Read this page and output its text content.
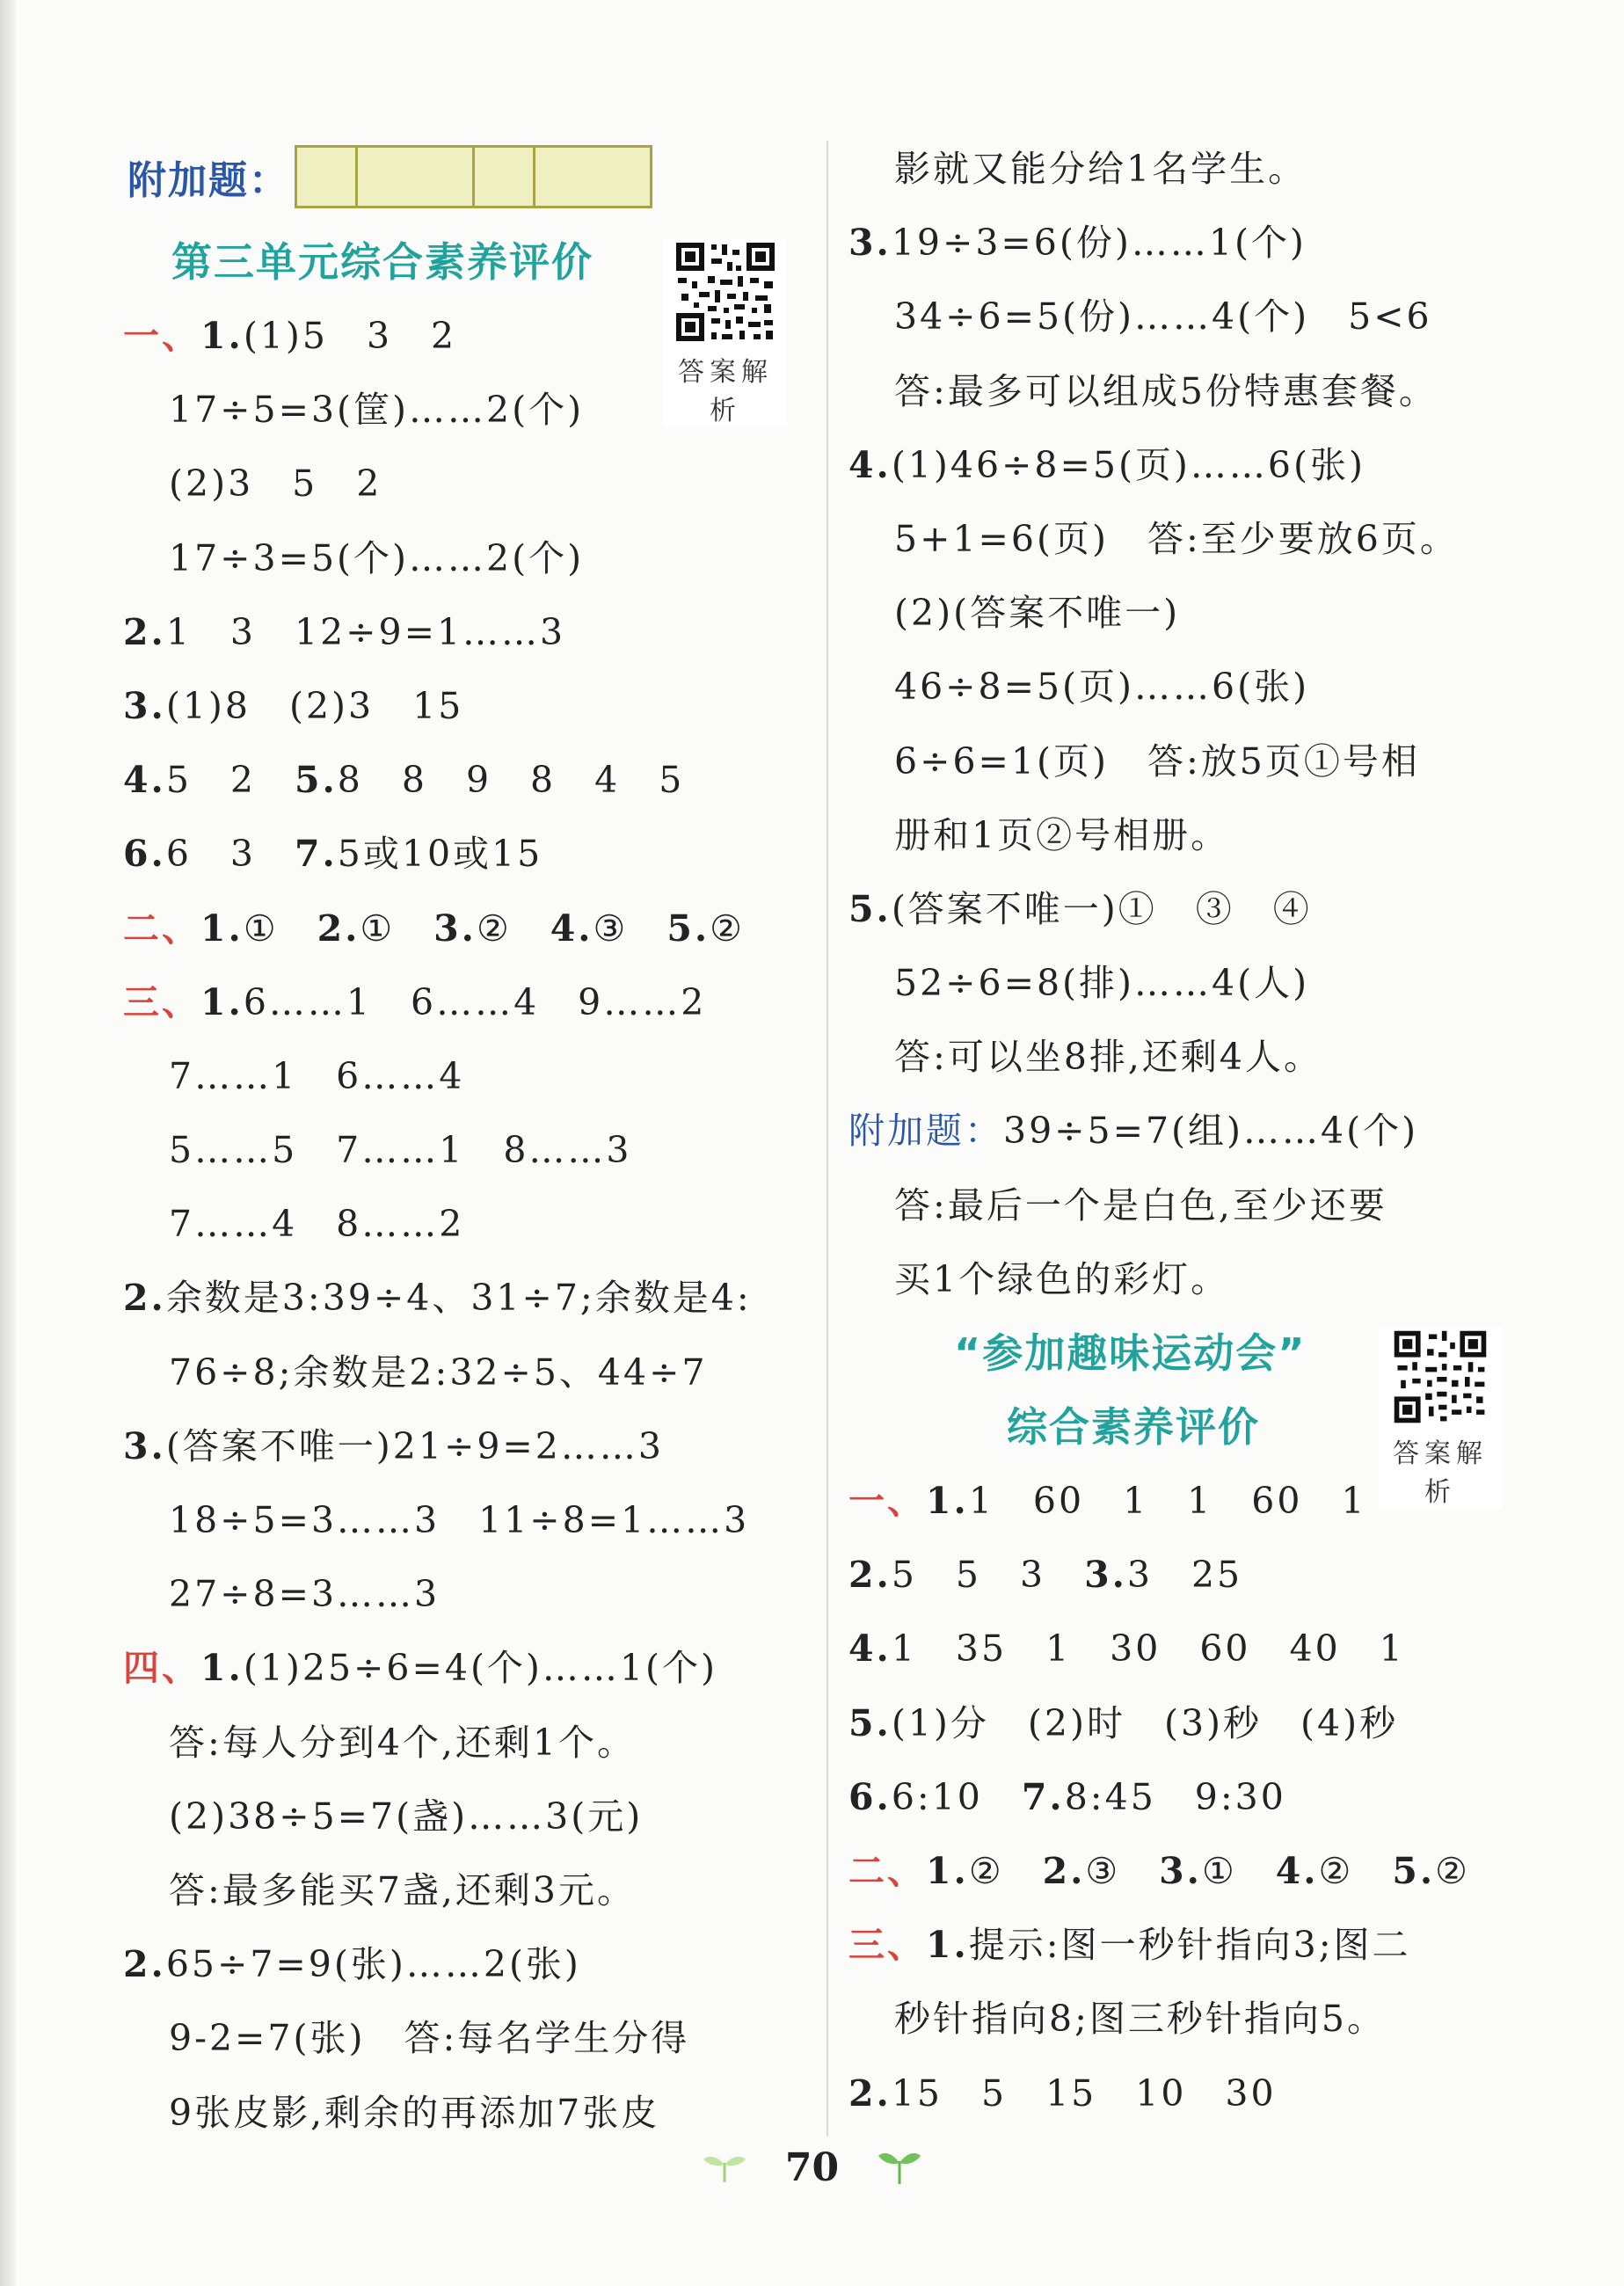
附加题：
第三单元综合素养评价
一、1.(1)5　3　2
17÷5=3(筐)……2(个)
(2)3　5　2
17÷3=5(个)……2(个)
2.1　3　12÷9=1……3
3.(1)8　(2)3　15
4.5　2　5.8　8　9　8　4　5
6.6　3　7.5或10或15
二、1.①　2.①　3.②　4.③　5.②
三、1.6……1　6……4　9……2
7……1　6……4
5……5　7……1　8……3
7……4　8……2
2.余数是3:39÷4、31÷7;余数是4:
76÷8;余数是2:32÷5、44÷7
3.(答案不唯一)21÷9=2……3
18÷5=3……3　11÷8=1……3
27÷8=3……3
四、1.(1)25÷6=4(个)……1(个)
答:每人分到4个,还剩1个。
(2)38÷5=7(盏)……3(元)
答:最多能买7盏,还剩3元。
2.65÷7=9(张)……2(张)
9-2=7(张)　答:每名学生分得
9张皮影,剩余的再添加7张皮
答案解析
影就又能分给1名学生。
3.19÷3=6(份)……1(个)
34÷6=5(份)……4(个)　5<6
答:最多可以组成5份特惠套餐。
4.(1)46÷8=5(页)……6(张)
5+1=6(页)　答:至少要放6页。
(2)(答案不唯一)
46÷8=5(页)……6(张)
6÷6=1(页)　答:放5页①号相
册和1页②号相册。
5.(答案不唯一)①　③　④
52÷6=8(排)……4(人)
答:可以坐8排,还剩4人。
附加题：39÷5=7(组)……4(个)
答:最后一个是白色,至少还要
买1个绿色的彩灯。
“参加趣味运动会”
综合素养评价
一、1.1　60　1　1　60　1
2.5　5　3　3.3　25
4.1　35　1　30　60　40　1
5.(1)分　(2)时　(3)秒　(4)秒
6.6:10　7.8:45　9:30
二、1.②　2.③　3.①　4.②　5.②
三、1.提示:图一秒针指向3;图二
秒针指向8;图三秒针指向5。
2.15　5　15　10　30
答案解析
70
